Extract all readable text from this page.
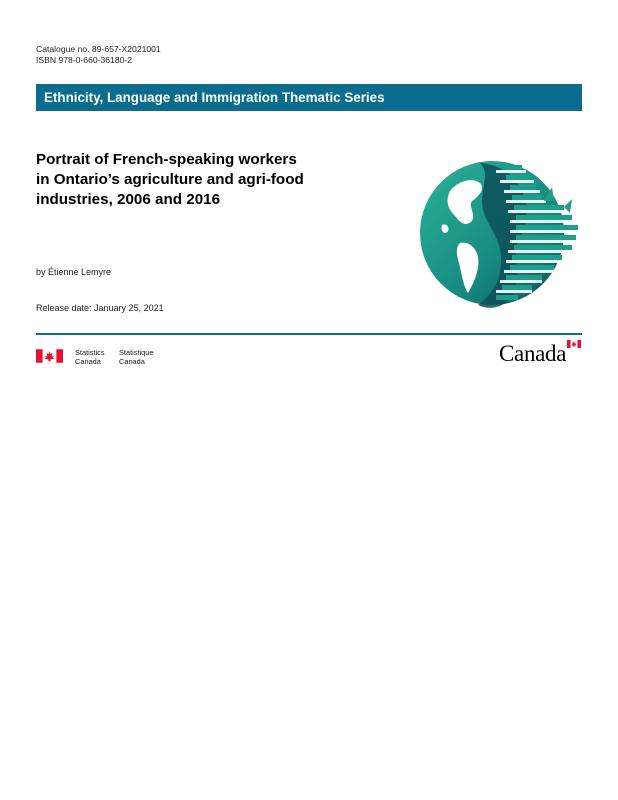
Catalogue no. 89-657-X2021001
ISBN 978-0-660-36180-2
Ethnicity, Language and Immigration Thematic Series
Portrait of French-speaking workers
in Ontario’s agriculture and agri-food
industries, 2006 and 2016
by Étienne Lemyre
Release date: January 25, 2021
Statistics
Canada
Statistique
Canada	Canada
